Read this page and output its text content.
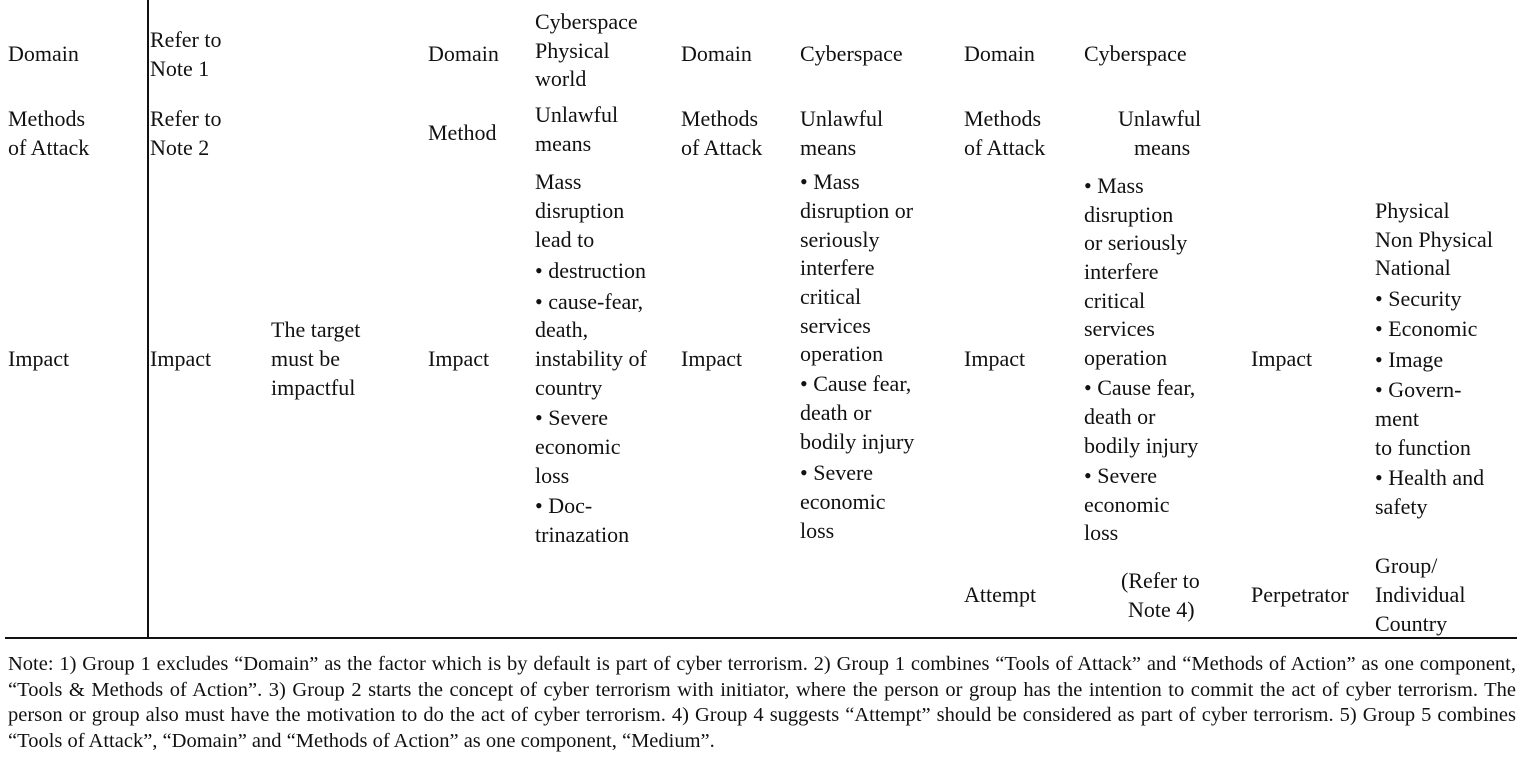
Domain
Methods
of Attack
Impact
Refer to
Note 1
Refer to
Note 2
Impact
The target
must be
impactful
Domain
Method
Impact
Cyberspace
Physical
world
Unlawful
means
Mass
disruption
lead to
• destruction
• cause-fear,
death,
instability of
country
• Severe
economic
loss
• Doc-
trinazation
Domain
Methods
of Attack
Impact
Cyberspace
Unlawful
means
• Mass
disruption or
seriously
interfere
critical
services
operation
• Cause fear,
death or
bodily injury
• Severe
economic
loss
Domain
Methods
of Attack
Impact
Attempt
Cyberspace
Unlawful
means
• Mass
disruption
or seriously
interfere
critical
services
operation
• Cause fear,
death or
bodily injury
• Severe
economic
loss
(Refer to
Note 4)
Impact
Perpetrator
Physical
Non Physical
National
• Security
• Economic
• Image
• Govern-
ment
to function
• Health and
safety
Group/
Individual
Country
Note: 1) Group 1 excludes “Domain” as the factor which is by default is part of cyber terrorism. 2) Group 1 combines “Tools of Attack” and “Methods of Action” as one component, “Tools & Methods of Action”. 3) Group 2 starts the concept of cyber terrorism with initiator, where the person or group has the intention to commit the act of cyber terrorism. The person or group also must have the motivation to do the act of cyber terrorism. 4) Group 4 suggests “Attempt” should be considered as part of cyber terrorism. 5) Group 5 combines “Tools of Attack”, “Domain” and “Methods of Action” as one component, “Medium”.
